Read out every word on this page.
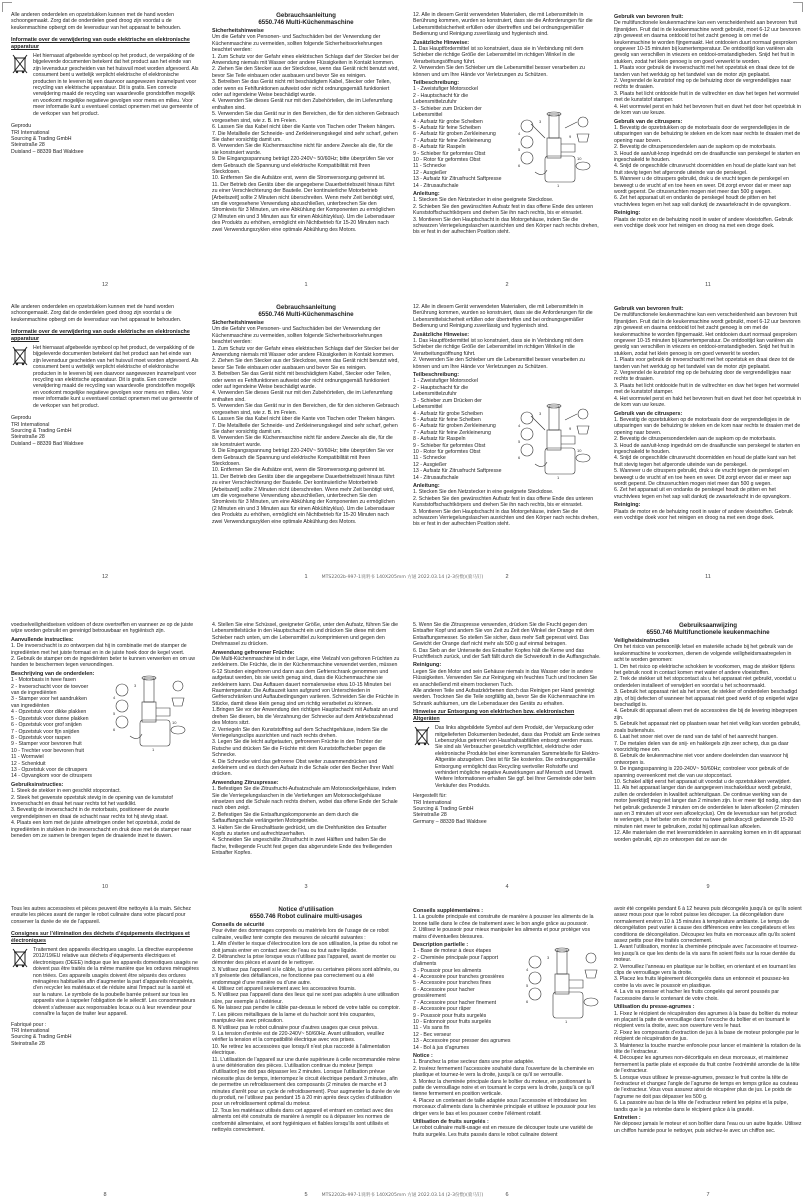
Alle anderen onderdelen en opzetstukken kunnen met de hand worden schoongemaakt. Zorg dat de onderdelen goed droog zijn voordat u de keukenmachine opbergt om de levensduur van het apparaat te behouden.
Informatie over de verwijdering van oude elektrische en elektronische apparatuur
Het hiernaast afgebeelde symbool op het product, de verpakking of de bijgeleverde documenten betekent dat het product aan het einde van zijn levensduur gescheiden van het huisvuil moet worden afgevoerd. Als consument bent u wettelijk verplicht elektrische of elektronische producten in te leveren bij een daarvoor aangewezen inzamelpunt voor recycling van elektrische apparatuur. Dit is gratis. Een correcte verwijdering maakt de recycling van waardevolle grondstoffen mogelijk en voorkomt mogelijke negatieve gevolgen voor mens en milieu. Voor meer informatie kunt u eventueel contact opnemen met uw gemeente of de verkoper van het product.
Geprodu
TRI International
Sourcing & Trading GmbH
Steinstraße 28
Duisland – 88339 Bad Waldsee
12
Gebrauchsanleitung
6550.746 Multi-Küchenmaschine
Sicherheitshinweise
Um die Gefahr von Personen- und Sachschäden bei der Verwendung der Küchenmaschine zu vermeiden, sollten folgende Sicherheitsvorkehrungen beachtet werden:
1. Zum Schutz vor der Gefahr eines elektrischen Schlags darf der Stecker bei der Anwendung niemals mit Wasser oder andere Flüssigkeiten in Kontakt kommen.
2. Ziehen Sie den Stecker aus der Steckdose, wenn das Gerät nicht benutzt wird, bevor Sie Teile einbauen oder ausbauen und bevor Sie es reinigen.
3. Betreiben Sie das Gerät nicht mit beschädigtem Kabel, Stecker oder Teilen, oder wenn es Fehlfunktionen aufweist oder nicht ordnungsgemäß funktioniert oder auf irgendeine Weise beschädigt wurde.
4. Verwenden Sie dieses Gerät nur mit den Zubehörteilen, die im Lieferumfang enthalten sind.
5. Verwenden Sie das Gerät nur in den Bereichen, die für den sicheren Gebrauch vorgesehen sind, wie z. B. im Freien.
6. Lassen Sie das Kabel nicht über die Kante von Tischen oder Theken hängen.
7. Die Metallteile der Schneide- und Zerkleinerungskegel sind sehr scharf, gehen Sie daher vorsichtig damit um.
8. Verwenden Sie die Küchenmaschine nicht für andere Zwecke als die, für die sie konstruiert wurde.
9. Die Eingangsspannung beträgt 220-240V~ 50/60Hz; bitte überprüfen Sie vor dem Gebrauch die Spannung und elektrische Kompatibilität mit Ihren Steckdosen.
10. Entfernen Sie die Aufsätze erst, wenn die Stromversorgung getrennt ist.
11. Der Betrieb des Geräts über die angegebene Dauerbetriebszeit hinaus führt zu einer Verschlechterung der Bauteile. Der kontinuierliche Motorbetrieb [Arbeitszeit] sollte 2 Minuten nicht überschreiten. Wenn mehr Zeit benötigt wird, um die vorgesehene Verwendung abzuschließen, unterbrechen Sie den Stromkreis für 3 Minuten, um eine Abkühlung der Komponenten zu ermöglichen (2 Minuten ein und 3 Minuten aus für einen Abkühlzyklus). Um die Lebensdauer des Produkts zu erhöhen, ermöglicht ein Nichtbetrieb für 15-20 Minuten nach zwei Verwendungszyklen eine optimale Abkühlung des Motors.
1
12. Alle in diesem Gerät verwendeten Materialien, die mit Lebensmitteln in Berührung kommen, wurden so konstruiert, dass sie die Anforderungen für die Lebensmittelsicherheit erfüllen oder übertreffen und bei ordnungsgemäßer Bedienung und Reinigung zuverlässig und hygienisch sind.
Zusätzliche Hinweise:
1. Das Hauptfördermittel ist so konstruiert, dass sie in Verbindung mit dem Schieber die richtige Größe der Lebensmittel im richtigen Winkel in die Verarbeitungsöffnung führt.
2. Verwenden Sie den Schieber um die Lebensmittel besser verarbeiten zu können und um Ihre Hände vor Verletzungen zu Schützen.
Teilbeschreibung:
1 - Zweistufiger Motorsockel
2 - Hauptschacht für die
Lebensmittelzufuhr
3 - Schieber zum Drücken der
Lebensmittel
4 - Aufsatz für grobe Scheiben
5 - Aufsatz für feine Scheiben
6 - Aufsatz für groben Zerkleinerung
7 - Aufsatz für feine Zerkleinerung
8 - Aufsatz für Raspeln
9 - Schieber für geformtes Obst
10 - Rotor für geformtes Obst
11 - Schnecke
12 - Ausgießer
13 - Aufsatz für Zitrusfrucht Saftpresse
14 - Zitrusaufschale
Anleitung:
1. Stecken Sie den Netzstecker in eine geeignete Steckdose.
2. Schieben Sie den gewünschten Aufsatz fest in das offene Ende des unteren Kunststoffschachtkörpers und drehen Sie ihn nach rechts, bis er einrastet.
3. Montieren Sie den Hauptschacht in das Motorgehäuse, indem Sie die schwarzen Verriegelungslaschen ausrichten und den Körper nach rechts drehen, bis er fest in der aufrechten Position steht.
3
4
5
6
9
10
1
2
Gebruik van bevroren fruit:
De multifunctionele keukenmachine kan een verscheidenheid aan bevroren fruit fijnsnijden. Fruit dat in de keukenmachine wordt gebruikt, moet 6-12 uur bevroren zijn geweest en daarna ontdooid tot het zacht genoeg is om met de keukenmachine te worden fijngemaakt. Het ontdooien duurt normaal gesproken ongeveer 10-15 minuten bij kamertemperatuur. De ontdooitijd kan variëren als gevolg van verschillen in vriezers en ontdooi-omstandigheden. Snijd het fruit in stukken, zodat het klein genoeg is om goed verwerkt te worden.
1. Plaats voor gebruik de invoerschacht met het opzetstuk en draai deze tot de tanden van het werktuig op het tandwiel van de motor zijn geplaatst.
2. Vergrendel de kunststof ring op de behuizing door de vergrendellipjes naar rechts te draaien.
3. Plaats het licht ontdooide fruit in de vultrechter en duw het tegen het wormwiel met de kunststof stamper.
4. Het wormwiel perst en hakt het bevroren fruit en duwt het door het opzetstuk in de kom van uw keuze.
Gebruik van de citruspers:
1. Bevestig de opzetstukken op de motorbasis door de vergrendellipjes in de uitsparingen van de behuizing te steken en de kom naar rechts te draaien met de opening naar boven.
2. Bevestig de citruspersonderdelen aan de sapkom op de motorbasis.
3. Houd de aan/uit-knop ingedrukt om de draaifunctie van perskegel te starten en ingeschakeld te houden.
4. Snijd de ongeschilde citrusvrucht doormidden en houd de platte kant van het fruit stevig tegen het afgeronde uiteinde van de perskegel.
5. Wanneer u de citruspers gebruikt, druk u de vrucht tegen de perskegel en beweegt u de vrucht af en toe heen en weer. Dit zorgt ervoor dat er meer sap wordt geperst. De citrusvruchten mogen niet meer dan 500 g wegen.
6. Zet het apparaat uit en ondanks de perskegel houdt de pitten en het vruchtvlees tegen en het sap valt dankzij de zwaartekracht in de opvangkom.
Reiniging:
Plaats de motor en de behuizing nooit in water of andere vloeistoffen. Gebruik een vochtige doek voor het reinigen en droog na met een droge doek.
11
Alle anderen onderdelen en opzetstukken kunnen met de hand worden schoongemaakt. Zorg dat de onderdelen goed droog zijn voordat u de keukenmachine opbergt om de levensduur van het apparaat te behouden.
Informatie over de verwijdering van oude elektrische en elektronische apparatuur
Het hiernaast afgebeelde symbool op het product, de verpakking of de bijgeleverde documenten betekent dat het product aan het einde van zijn levensduur gescheiden van het huisvuil moet worden afgevoerd. Als consument bent u wettelijk verplicht elektrische of elektronische producten in te leveren bij een daarvoor aangewezen inzamelpunt voor recycling van elektrische apparatuur. Dit is gratis. Een correcte verwijdering maakt de recycling van waardevolle grondstoffen mogelijk en voorkomt mogelijke negatieve gevolgen voor mens en milieu. Voor meer informatie kunt u eventueel contact opnemen met uw gemeente of de verkoper van het product.
Geprodu
TRI International
Sourcing & Trading GmbH
Steinstraße 28
Duisland – 88339 Bad Waldsee
12
Gebrauchsanleitung
6550.746 Multi-Küchenmaschine
Sicherheitshinweise
Um die Gefahr von Personen- und Sachschäden bei der Verwendung der Küchenmaschine zu vermeiden, sollten folgende Sicherheitsvorkehrungen beachtet werden:
1. Zum Schutz vor der Gefahr eines elektrischen Schlags darf der Stecker bei der Anwendung niemals mit Wasser oder andere Flüssigkeiten in Kontakt kommen.
2. Ziehen Sie den Stecker aus der Steckdose, wenn das Gerät nicht benutzt wird, bevor Sie Teile einbauen oder ausbauen und bevor Sie es reinigen.
3. Betreiben Sie das Gerät nicht mit beschädigtem Kabel, Stecker oder Teilen, oder wenn es Fehlfunktionen aufweist oder nicht ordnungsgemäß funktioniert oder auf irgendeine Weise beschädigt wurde.
4. Verwenden Sie dieses Gerät nur mit den Zubehörteilen, die im Lieferumfang enthalten sind.
5. Verwenden Sie das Gerät nur in den Bereichen, die für den sicheren Gebrauch vorgesehen sind, wie z. B. im Freien.
6. Lassen Sie das Kabel nicht über die Kante von Tischen oder Theken hängen.
7. Die Metallteile der Schneide- und Zerkleinerungskegel sind sehr scharf, gehen Sie daher vorsichtig damit um.
8. Verwenden Sie die Küchenmaschine nicht für andere Zwecke als die, für die sie konstruiert wurde.
9. Die Eingangsspannung beträgt 220-240V~ 50/60Hz; bitte überprüfen Sie vor dem Gebrauch die Spannung und elektrische Kompatibilität mit Ihren Steckdosen.
10. Entfernen Sie die Aufsätze erst, wenn die Stromversorgung getrennt ist.
11. Der Betrieb des Geräts über die angegebene Dauerbetriebszeit hinaus führt zu einer Verschlechterung der Bauteile. Der kontinuierliche Motorbetrieb [Arbeitszeit] sollte 2 Minuten nicht überschreiten. Wenn mehr Zeit benötigt wird, um die vorgesehene Verwendung abzuschließen, unterbrechen Sie den Stromkreis für 3 Minuten, um eine Abkühlung der Komponenten zu ermöglichen (2 Minuten ein und 3 Minuten aus für einen Abkühlzyklus). Um die Lebensdauer des Produkts zu erhöhen, ermöglicht ein Nichtbetrieb für 15-20 Minuten nach zwei Verwendungszyklen eine optimale Abkühlung des Motors.
1
12. Alle in diesem Gerät verwendeten Materialien, die mit Lebensmitteln in Berührung kommen, wurden so konstruiert, dass sie die Anforderungen für die Lebensmittelsicherheit erfüllen oder übertreffen und bei ordnungsgemäßer Bedienung und Reinigung zuverlässig und hygienisch sind.
Zusätzliche Hinweise:
1. Das Hauptfördermittel ist so konstruiert, dass sie in Verbindung mit dem Schieber die richtige Größe der Lebensmittel im richtigen Winkel in die Verarbeitungsöffnung führt.
2. Verwenden Sie den Schieber um die Lebensmittel besser verarbeiten zu können und um Ihre Hände vor Verletzungen zu Schützen.
Teilbeschreibung:
1 - Zweistufiger Motorsockel
2 - Hauptschacht für die
Lebensmittelzufuhr
3 - Schieber zum Drücken der
Lebensmittel
4 - Aufsatz für grobe Scheiben
5 - Aufsatz für feine Scheiben
6 - Aufsatz für groben Zerkleinerung
7 - Aufsatz für feine Zerkleinerung
8 - Aufsatz für Raspeln
9 - Schieber für geformtes Obst
10 - Rotor für geformtes Obst
11 - Schnecke
12 - Ausgießer
13 - Aufsatz für Zitrusfrucht Saftpresse
14 - Zitrusaufschale
Anleitung:
1. Stecken Sie den Netzstecker in eine geeignete Steckdose.
2. Schieben Sie den gewünschten Aufsatz fest in das offene Ende des unteren Kunststoffschachtkörpers und drehen Sie ihn nach rechts, bis er einrastet.
3. Montieren Sie den Hauptschacht in das Motorgehäuse, indem Sie die schwarzen Verriegelungslaschen ausrichten und den Körper nach rechts drehen, bis er fest in der aufrechten Position steht.
3
4
5
6
9
10
1
2
Gebruik van bevroren fruit:
De multifunctionele keukenmachine kan een verscheidenheid aan bevroren fruit fijnsnijden. Fruit dat in de keukenmachine wordt gebruikt, moet 6-12 uur bevroren zijn geweest en daarna ontdooid tot het zacht genoeg is om met de keukenmachine te worden fijngemaakt. Het ontdooien duurt normaal gesproken ongeveer 10-15 minuten bij kamertemperatuur. De ontdooitijd kan variëren als gevolg van verschillen in vriezers en ontdooi-omstandigheden. Snijd het fruit in stukken, zodat het klein genoeg is om goed verwerkt te worden.
1. Plaats voor gebruik de invoerschacht met het opzetstuk en draai deze tot de tanden van het werktuig op het tandwiel van de motor zijn geplaatst.
2. Vergrendel de kunststof ring op de behuizing door de vergrendellipjes naar rechts te draaien.
3. Plaats het licht ontdooide fruit in de vultrechter en duw het tegen het wormwiel met de kunststof stamper.
4. Het wormwiel perst en hakt het bevroren fruit en duwt het door het opzetstuk in de kom van uw keuze.
Gebruik van de citruspers:
1. Bevestig de opzetstukken op de motorbasis door de vergrendellipjes in de uitsparingen van de behuizing te steken en de kom naar rechts te draaien met de opening naar boven.
2. Bevestig de citruspersonderdelen aan de sapkom op de motorbasis.
3. Houd de aan/uit-knop ingedrukt om de draaifunctie van perskegel te starten en ingeschakeld te houden.
4. Snijd de ongeschilde citrusvrucht doormidden en houd de platte kant van het fruit stevig tegen het afgeronde uiteinde van de perskegel.
5. Wanneer u de citruspers gebruikt, druk u de vrucht tegen de perskegel en beweegt u de vrucht af en toe heen en weer. Dit zorgt ervoor dat er meer sap wordt geperst. De citrusvruchten mogen niet meer dan 500 g wegen.
6. Zet het apparaat uit en ondanks de perskegel houdt de pitten en het vruchtvlees tegen en het sap valt dankzij de zwaartekracht in de opvangkom.
Reiniging:
Plaats de motor en de behuizing nooit in water of andere vloeistoffen. Gebruik een vochtige doek voor het reinigen en droog na met een droge doek.
11
MTS2202b-997-1说明书 140X205mm 方通 2022.03.14 (2-3份数)(骑马钉)
voedselveiligheidseisen voldoen of deze overtreffen en wanneer ze op de juiste wijze worden gebruikt en gereinigd betrouwbaar en hygiënisch zijn.
Aanvullende instructies:
1. De invoerschacht is zo ontworpen dat hij in combinatie met de stamper de ingrediënten met het juiste formaat en in de juiste hoek door de kegel voert.
2. Gebruik de stamper om de ingrediënten beter te kunnen verwerken en om uw handen te beschermen tegen verwondingen.
Beschrijving van de onderdelen:
1 - Motorbasis in twee fasen
2 - Invoerschacht voor de toevoer
van de ingrediënten
3 - Stamper voor het aandrukken
van ingrediënten
4 - Opzetstuk voor dikke plakken
5 - Opzetstuk voor dunne plakken
6 - Opzetstuk voor grof snijden
7 - Opzetstuk voor fijn snijden
8 - Opzetstuk voor raspen
9 - Stamper voor bevroren fruit
10 - Trechter voor bevroren fruit
11 - Wormwiel
12 - Schenktuit
13 - Opzetstuk voor de citruspers
14 - Opvangkom voor de citruspers
Gebruiksinstructies:
1. Steek de stekker in een geschikt stopcontact.
2. Steek het gewenste opzetstuk stevig in de opening van de kunststof invoerschacht en draai het naar rechts tot het vastklikt.
3. Bevestig de invoerschacht in de motorbasis, positioneer de zwarte vergrendelpinnen en draai de schacht naar rechts tot hij stevig staat.
4. Plaats een kom met de juiste afmetingen onder het opzetstuk, zodat de ingrediënten in stukken in de invoerschacht en druk deze met de stamper naar beneden om ze samen te brengen tegen de draaiende inzet te duwen.
3
4
5
6
10
1
10
4. Stellen Sie eine Schüssel, geeigneter Größe, unter den Aufsatz, führen Sie die Lebensmittelstücke in den Hauptschacht ein und drücken Sie diese mit dem Schieber nach unten, um die Lebensmittel zu komprimieren und gegen den Drehmassel zu drücken.
Anwendung gefrorener Früchte:
Die Multi-Küchenmaschine ist in der Lage, eine Vielzahl von gefroren Früchten zu zerkleinern. Die Früchte, die in der Küchenmaschine verwendet werden, müssen 6-12 Stunden eingefroren und dann aus dem Gefrierschrank genommen und aufgetaut werden, bis sie weich genug sind, dass die Küchenmaschine sie zerkleinern kann. Das Auftauen dauert normalerweise etwa 10-15 Minuten bei Raumtemperatur. Die Auftauzeit kann aufgrund von Unterschieden in Gefrierschränken und Auftaubedingungen variieren. Schneiden Sie die Früchte in Stücke, damit diese klein genug sind um richtig verarbeitet zu können.
1.Bringen Sie vor der Anwendung den richtigen Hauptschacht mit Aufsatz an und drehen Sie diesen, bis die Verzahnung der Schnecke auf dem Antriebszahnrad des Motors sitzt.
2. Verriegeln Sie den Kunststoffring auf dem Schachtgehäuse, indem Sie die Verriegelungsclips ausrichten und nach rechts drehen.
3. Legen Sie die leicht aufgetauten, gefrorenen Früchte in den Trichter der Rutsche und drücken Sie die Früchte mit dem Kunststoffschieber gegen die Schnecke.
4. Die Schnecke wird das gefrorene Obst weiter zusammendrücken und zerkleinern und es durch den Aufsatz in die Schale oder den Becher Ihrer Wahl drücken.
Anwendung Zitruspresse:
1. Befestigen Sie die Zitrusfrucht-Aufsatzschale am Motorsockelgehäuse, indem Sie die Verriegelungslaschen in die Vertiefungen am Motorsockelgehäuse einsetzen und die Schale nach rechts drehen, wobei das offene Ende der Schale nach oben zeigt.
2. Befestigen Sie die Entsaftungskomponente an dem durch die Saftauffangschale verlängerten Motorgetriebe.
3. Halten Sie die Einschalttaste gedrückt, um die Drehfunktion des Entsafter Kopfs zu starten und aufrechtzuerhalten.
4. Schneiden Sie ungeschälte Zitrusfrucht in zwei Hälften und halten Sie die flache, freiliegende Frucht fest gegen das abgerundete Ende des freiliegenden Entsafter Kopfes.
3
5. Wenn Sie die Zitruspresse verwenden, drücken Sie die Frucht gegen den Entsafter Kopf und andern Sie von Zeit zu Zeit den Winkel der Orange mit dem Entsaftungsmesser. So stellen Sie sicher, dass mehr Saft gepresst wird. Das Gewicht der Orange darf nicht mehr als 500 g auf einmal betragen.
6. Das Sieb an der Unterseite des Entsafter Kopfes hält die Kerne und das Fruchtfleisch zurück, und der Saft fällt durch die Schwerkraft in die Auffangschale.
Reinigung:
Legen Sie den Motor und sein Gehäuse niemals in das Wasser oder in andere Flüssigkeiten. Verwenden Sie zur Reinigung ein feuchtes Tuch und trocknen Sie es anschließend mit einem trockenen Tuch.
Alle anderen Teile und Aufsatzkörbenen durch das Reinigen per Hand gereinigt werden. Trocknen Sie die Teile sorgfältig ab, bevor Sie die Küchenmaschine im Schrank aufräumen, um die Lebensdauer des Geräts zu erhalten.
Hinweise zur Entsorgung von elektrischen bzw. elektronischen Altgeräten
Das links abgebildete Symbol auf dem Produkt, der Verpackung oder mitgelieferten Dokumenten bedeutet, dass das Produkt am Ende seines Lebenszyklus getrennt von Haushaltsabfällen entsorgt werden muss. Sie sind als Verbraucher gesetzlich verpflichtet, elektrische oder elektronische Produkte bei einer kommunalen Sammelstelle für Elektro-Altgeräte abzugeben. Dies ist für Sie kostenlos. Die ordnungsgemäße Entsorgung ermöglicht das Recycling wertvoller Rohstoffe und verhindert mögliche negative Auswirkungen auf Mensch und Umwelt. Weitere Informationen erhalten Sie ggf. bei Ihrer Gemeinde oder beim Verkäufer des Produkts.
Hergestellt für:
TRI International
Sourcing & Trading GmbH
Steinstraße 28
Germany – 88339 Bad Waldsee
4
Gebruiksaanwijzing
6550.746 Multifunctionele keukenmachine
Veiligheidsinstructies
Om het risico van persoonlijk letsel en materiële schade bij het gebruik van de keukenmachine te voorkomen, dienen de volgende veiligheidsmaatregelen in acht te worden genomen:
1. Om het risico op elektrische schokken te voorkomen, mag de stekker tijdens het gebruik nooit in contact komen met water of andere vloeistoffen.
2. Trek de stekker uit het stopcontact als u het apparaat niet gebruikt, voordat u onderdelen installeert of verwijdert en voordat u het schoonmaakt.
3. Gebruik het apparaat niet als het snoer, de stekker of onderdelen beschadigd zijn, of bij defecten of wanneer het apparaat niet goed werkt of op enigerlei wijze beschadigd is.
4. Gebruik dit apparaat alleen met de accessoires die bij de levering inbegrepen zijn.
5. Gebruik het apparaat niet op plaatsen waar het niet veilig kan worden gebruikt, zoals buitenshuis.
6. Laat het snoer niet over de rand van de tafel of het aanrecht hangen.
7. De metalen delen van de snij- en hakkegels zijn zeer scherp, dus ga daar voorzichtig mee om.
8. Gebruik de keukenmachine niet voor andere doeleinden dan waarvoor hij ontworpen is.
9. De ingangsspanning is 220-240V~ 50/60Hz; controleer voor gebruik of de spanning overeenkomt met die van uw stopcontact.
10. Schakel altijd eerst het apparaat uit voordat u de opzetstukken verwijdert.
11. Als het apparaat langer dan de aangegeven inschakelduur wordt gebruikt, zullen de onderdelen in kwaliteit achteruitgaan. De continue werking van de motor [werktijd] mag niet langer dan 2 minuten zijn. Is er meer tijd nodig, stop dan het gebruik gedurende 3 minuten om de onderdelen te laten afkoelen (2 minuten aan en 3 minuten uit voor een afkoelcyclus). Om de levensduur van het product te verlengen, is het beter om de motor na twee gebruikscycli gedurende 15-20 minuten niet meer te gebruiken, zodat hij optimaal kan afkoelen.
12. Alle materialen die met levensmiddelen in aanraking komen en in dit apparaat worden gebruikt, zijn zo ontworpen dat ze aan de
9
Tous les autres accessoires et pièces peuvent être nettoyés à la main. Séchez ensuite les pièces avant de ranger le robot culinaire dans votre placard pour conserver la durée de vie de l’appareil.
Consignes sur l’élimination des déchets d’équipements électriques et électroniques
Traitement des appareils électriques usagés. La directive européenne 2012/19/EU relative aux déchets d’équipements électriques et électroniques (DEEE) indique que les appareils domestiques usagés ne doivent pas être traités de la même manière que les ordures ménagères non triées. Ces appareils usagés doivent être séparés des ordures ménagères habituelles afin d’augmenter la part d’appareils récupérés, d’en recycler les matériaux et de réduire ainsi l’impact sur la santé et sur la nature. Le symbole de la poubelle barrée présent sur tous les appareils vise à rappeler l’obligation de le sélectif. Les consommateurs doivent s’adresser aux responsables locaux ou à leur revendeur pour connaître la façon de traiter leur appareil.
Fabriqué pour :
TRI International
Sourcing & Trading GmbH
Steinstraße 28
8
Notice d’utilisation
6550.746 Robot culinaire multi-usages
Conseils de sécurité
Pour éviter des dommages corporels ou matériels lors de l’usage de ce robot culinaire, veuillez tenir compte des mesures de sécurité suivantes :
1. Afin d’éviter le risque d’électrocution lors de son utilisation, la prise du robot ne doit jamais entrer en contact avec de l’eau ou tout autre liquide.
2. Débranchez la prise lorsque vous n’utilisez pas l’appareil, avant de monter ou démonter des pièces et avant de le nettoyer.
3. N’utilisez pas l’appareil si le câble, la prise ou certaines pièces sont abîmés, ou s’il présente des défaillances, ne fonctionne pas correctement ou a été endommagé d’une manière ou d’une autre.
4. Utilisez cet appareil seulement avec les accessoires fournis.
5. N’utilisez pas l’appareil dans des lieux qui ne sont pas adaptés à une utilisation sûre, par exemple à l’extérieur.
6. Ne laissez pas pendre le câble par-dessus le rebord de votre table ou comptoir.
7. Les pièces métalliques de la lame et du hachoir sont très coupantes, manipulez-les avec précaution.
8. N’utilisez pas le robot culinaire pour d’autres usages que ceux prévus.
9. La tension d’entrée est de 220-240V~ 50/60Hz. Avant utilisation, veuillez vérifier la tension et la compatibilité électrique avec vos prises.
10. Ne retirez les accessoires que lorsqu’il n’est plus raccordé à l’alimentation électrique.
11. L’utilisation de l’appareil sur une durée supérieure à celle recommandée mène à une détérioration des pièces. L’utilisation continue du moteur [temps d’utilisation] ne doit pas dépasser les 2 minutes. Lorsque l’utilisation prévue nécessite plus de temps, interrompez le circuit électrique pendant 3 minutes, afin de permettre un refroidissement des composants (2 minutes de marche et 3 minutes d’arrêt pour un cycle de refroidissement). Pour augmenter la durée de vie du produit, ne l’utilisez pas pendant 15 à 20 min après deux cycles d’utilisation pour un refroidissement optimal du moteur.
12. Tous les matériaux utilisés dans cet appareil et entrant en contact avec des aliments ont été construits de manière à remplir ou à dépasser les normes de conformité alimentaire, et sont hygiéniques et fiables lorsqu’ils sont utilisés et nettoyés correctement.
5
Conseils supplémentaires :
1. La goulotte principale est construite de manière à pousser les aliments de la bonne taille dans le cône de traitement avec le bon angle grâce au poussoir.
2. Utilisez le poussoir pour mieux manipuler les aliments et pour protéger vos mains d’éventuelles blessures.
Description partielle :
1 - Base de moteur à deux étapes
2 - Cheminée principale pour l’apport
d’aliments
3 - Poussoir pour les aliments
4 - Accessoire pour tranches grossières
5 - Accessoire pour tranches fines
6 - Accessoire pour hacher
grossièrement
7 - Accessoire pour hacher finement
8 - Accessoire pour râper
9 - Poussoir pour fruits surgelés
10 - Entonnoir pour fruits surgelés
11 - Vis sans fin
12 - Bec verseur
13 - Accessoire pour presser des agrumes
14 - Bol à jus d’agrumes
Notice :
1. Branchez la prise secteur dans une prise adaptée.
2. Insérez fermement l’accessoire souhaité dans l’ouverture de la cheminée en plastique et tournez-le vers la droite, jusqu’à ce qu’il se verrouille.
3. Montez la cheminée principale dans le boîtier du moteur, en positionnant la patte de verrouillage noire et en tournant le corps vers la droite, jusqu’à ce qu’il tienne fermement en position verticale.
4. Placez un contenant de taille adaptée sous l’accessoire et introduisez les morceaux d’aliments dans la cheminée principale et utilisez le poussoir pour les diriger vers le bas et les pousser contre l’élément rotatif.
Utilisation de fruits surgelés :
Le robot culinaire multi-usage est en mesure de découper toute une variété de fruits surgelés. Les fruits passés dans le robot culinaire doivent
3
4
5
6
1
6
avoir été congelés pendant 6 à 12 heures puis décongelés jusqu’à ce qu’ils soient assez mous pour que le robot puisse les découper. La décongélation dure normalement environ 10 à 15 minutes à température ambiante. Le temps de décongélation peut varier à cause des différences entre les congélateurs et les conditions de décongélation. Découpez les fruits en morceaux afin qu’ils soient assez petits pour être traités correctement.
1. Avant l’utilisation, montez la cheminée principale avec l’accessoire et tournez-les jusqu’à ce que les dents de la vis sans fin soient fixés sur la roue dentée du moteur.
2. Verrouillez l’anneau en plastique sur le boîtier, en orientant et en tournant les clips de verrouillage vers la droite.
3. Placez les fruits légèrement décongelés dans un entonnoir et poussez-les contre la vis avec le poussoir en plastique.
4. La vis va presser et hacher les fruits congelés qui seront poussés par l’accessoire dans le contenant de votre choix.
Utilisation du presse-agrumes :
1. Fixez le récipient de récupération des agrumes à la base du boîtier du moteur en plaçant la patte de verrouillage dans l’encoche du boîtier et en tournant le récipient vers la droite, avec son ouverture vers le haut.
2. Fixez les composants d’extraction de jus à la base de moteur prolongée par le récipient de récupération de jus.
3. Maintenez la touche marche enfoncée pour lancer et maintenir la rotation de la tête de l’extracteur.
4. Découpez les agrumes non-décortiqués en deux morceaux, et maintenez fermement la partie plate et exposée du fruit contre l’extrémité arrondie de la tête de l’extracteur.
5. Lorsque vous utilisez le presse-agrumes, pressez le fruit contre la tête de l’extracteur et changez l’angle de l’agrume de temps en temps grâce au couteau de l’extracteur. Vous vous assurez ainsi de récupérer plus de jus. Le poids de l’agrume ne doit pas dépasser les 500 g.
6. La passoire au bas de la tête de l’extracteur retient les pépins et la pulpe, tandis que le jus retombe dans le récipient grâce à la gravité.
Entretien :
Ne déposez jamais le moteur et son boîtier dans l’eau ou un autre liquide. Utilisez un chiffon humide pour le nettoyer, puis séchez-le avec un chiffon sec.
7
MTS2202b-997-1说明书 140X205mm 方通 2022.03.14 (2-3份数)(骑马钉)
